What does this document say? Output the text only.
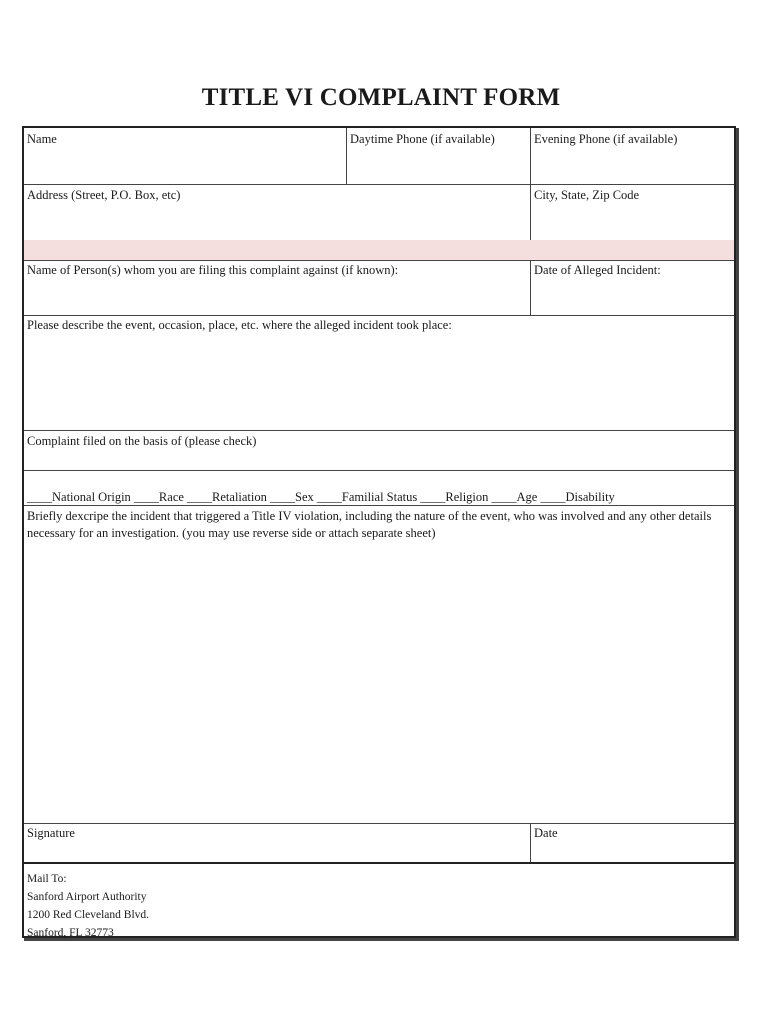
TITLE VI COMPLAINT FORM
Name	Daytime Phone (if available)	Evening Phone (if available)
Address (Street, P.O. Box, etc)	City, State, Zip Code
Name of Person(s) whom you are filing this complaint against (if known):	Date of Alleged Incident:
Please describe the event, occasion, place, etc. where the alleged incident took place:
Complaint filed on the basis of (please check)
____National Origin ____Race ____Retaliation ____Sex ____Familial Status ____Religion ____Age ____Disability
Briefly dexcripe the incident that triggered a Title IV violation, including the nature of the event, who was involved and any other details necessary for an investigation. (you may use reverse side or attach separate sheet)
Signature	Date
Mail To:
Sanford Airport Authority
1200 Red Cleveland Blvd.
Sanford, FL 32773
